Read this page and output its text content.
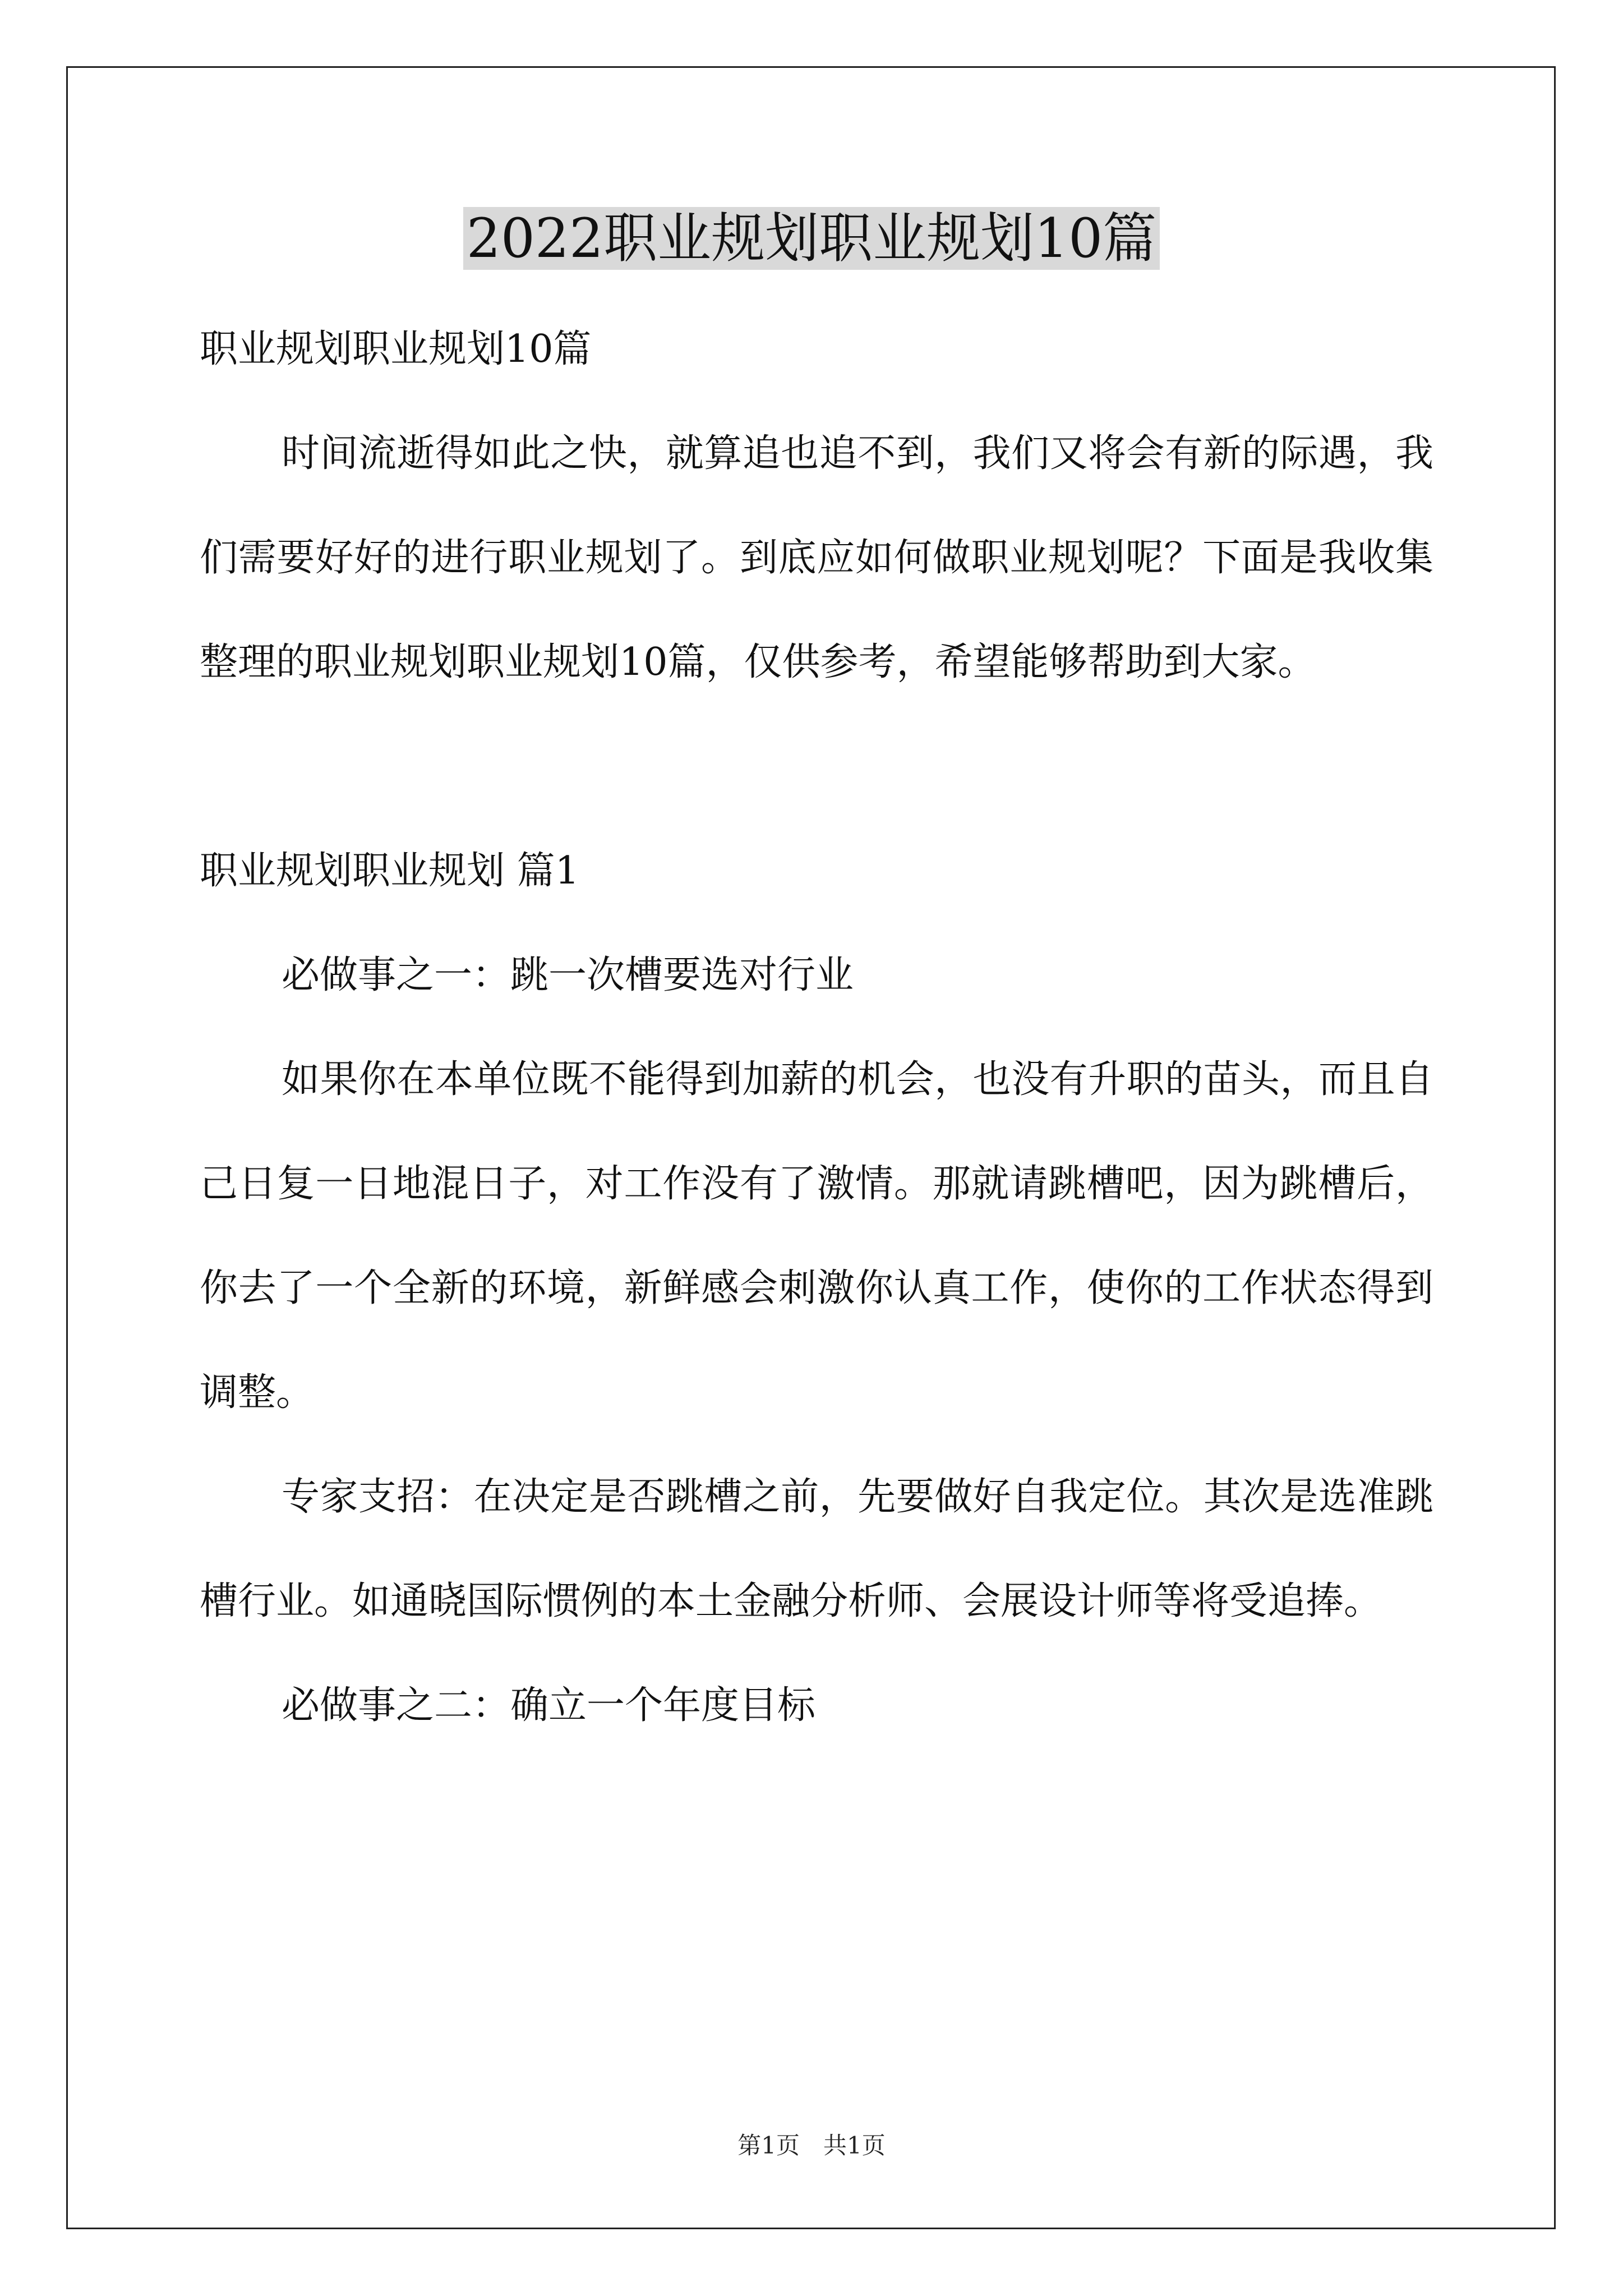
2022职业规划职业规划10篇

职业规划职业规划10篇

时间流逝得如此之快，就算追也追不到，我们又将会有新的际遇，我们需要好好的进行职业规划了。到底应如何做职业规划呢？下面是我收集整理的职业规划职业规划10篇，仅供参考，希望能够帮助到大家。

职业规划职业规划 篇1

必做事之一：跳一次槽要选对行业

如果你在本单位既不能得到加薪的机会，也没有升职的苗头，而且自己日复一日地混日子，对工作没有了激情。那就请跳槽吧，因为跳槽后，你去了一个全新的环境，新鲜感会刺激你认真工作，使你的工作状态得到调整。

专家支招：在决定是否跳槽之前，先要做好自我定位。其次是选准跳槽行业。如通晓国际惯例的本土金融分析师、会展设计师等将受追捧。

必做事之二：确立一个年度目标

第1页　共1页
